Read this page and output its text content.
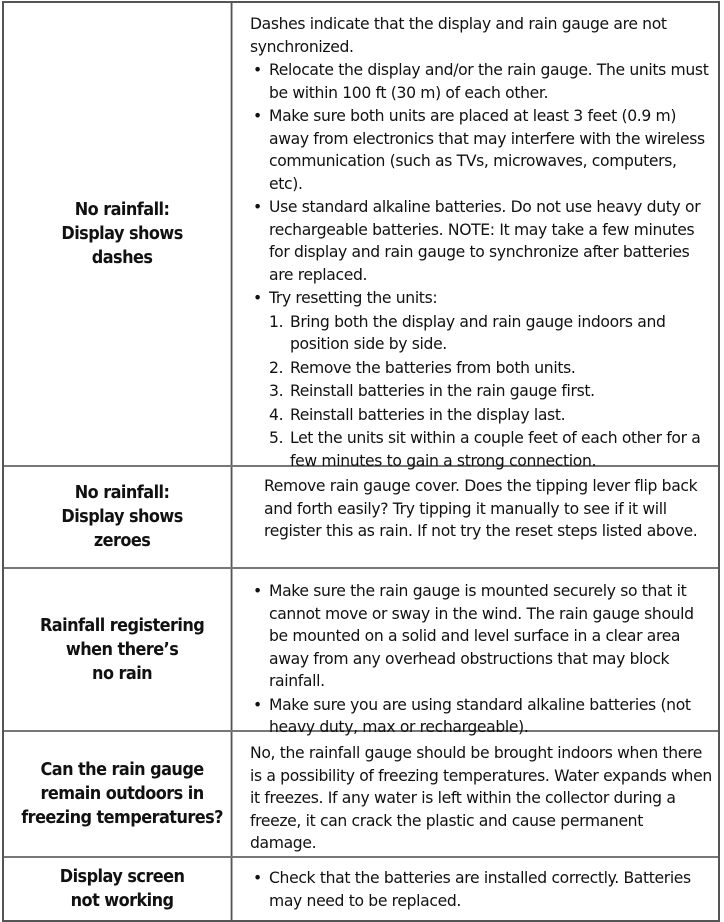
No rainfall:
Display shows
dashes

Dashes indicate that the display and rain gauge are not synchronized.

• Relocate the display and/or the rain gauge. The units must be within 100 ft (30 m) of each other.
• Make sure both units are placed at least 3 feet (0.9 m) away from electronics that may interfere with the wireless communication (such as TVs, microwaves, computers, etc).
• Use standard alkaline batteries. Do not use heavy duty or rechargeable batteries. NOTE: It may take a few minutes for display and rain gauge to synchronize after batteries are replaced.
• Try resetting the units:
1. Bring both the display and rain gauge indoors and position side by side.
2. Remove the batteries from both units.
3. Reinstall batteries in the rain gauge first.
4. Reinstall batteries in the display last.
5. Let the units sit within a couple feet of each other for a few minutes to gain a strong connection.
No rainfall:
Display shows
zeroes

Remove rain gauge cover. Does the tipping lever flip back and forth easily? Try tipping it manually to see if it will register this as rain. If not try the reset steps listed above.

Rainfall registering
when there’s
no rain
• Make sure the rain gauge is mounted securely so that it cannot move or sway in the wind. The rain gauge should be mounted on a solid and level surface in a clear area away from any overhead obstructions that may block rainfall.
• Make sure you are using standard alkaline batteries (not heavy duty, max or rechargeable).
Can the rain gauge
remain outdoors in
freezing temperatures?

No, the rainfall gauge should be brought indoors when there is a possibility of freezing temperatures. Water expands when it freezes. If any water is left within the collector during a freeze, it can crack the plastic and cause permanent damage.

Display screen
not working
• Check that the batteries are installed correctly. Batteries may need to be replaced.
